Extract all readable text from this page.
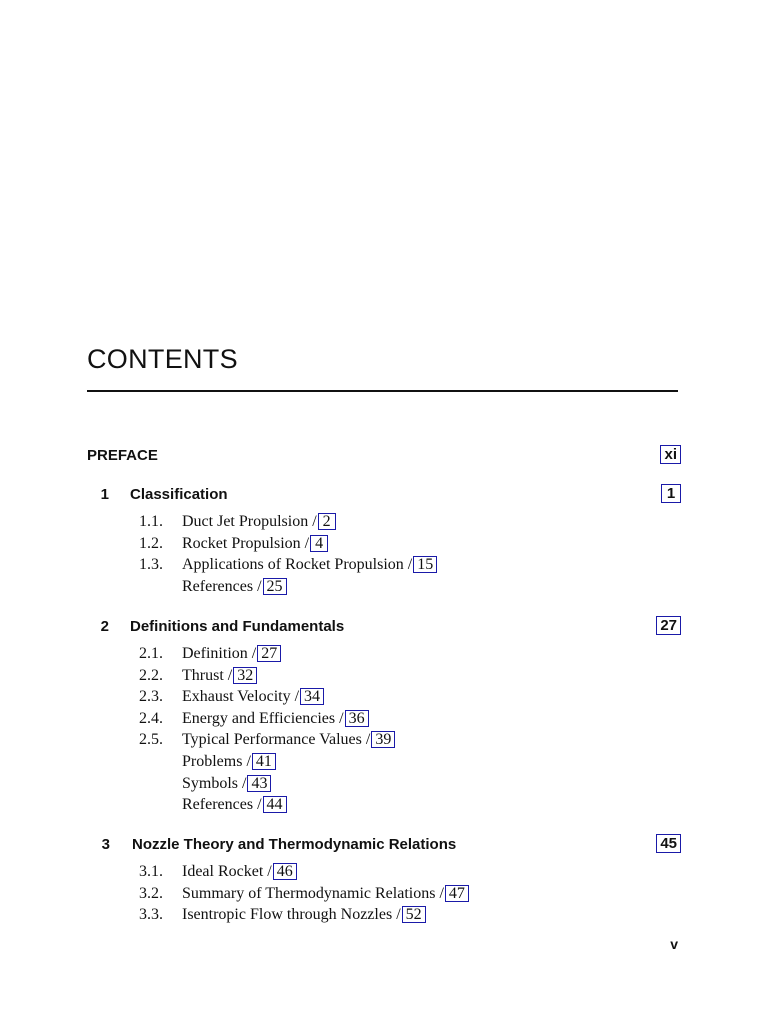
CONTENTS
PREFACE	xi
1 Classification	1
1.1. Duct Jet Propulsion / 2
1.2. Rocket Propulsion / 4
1.3. Applications of Rocket Propulsion / 15
References / 25
2 Definitions and Fundamentals	27
2.1. Definition / 27
2.2. Thrust / 32
2.3. Exhaust Velocity / 34
2.4. Energy and Efficiencies / 36
2.5. Typical Performance Values / 39
Problems / 41
Symbols / 43
References / 44
3 Nozzle Theory and Thermodynamic Relations	45
3.1. Ideal Rocket / 46
3.2. Summary of Thermodynamic Relations / 47
3.3. Isentropic Flow through Nozzles / 52
v
